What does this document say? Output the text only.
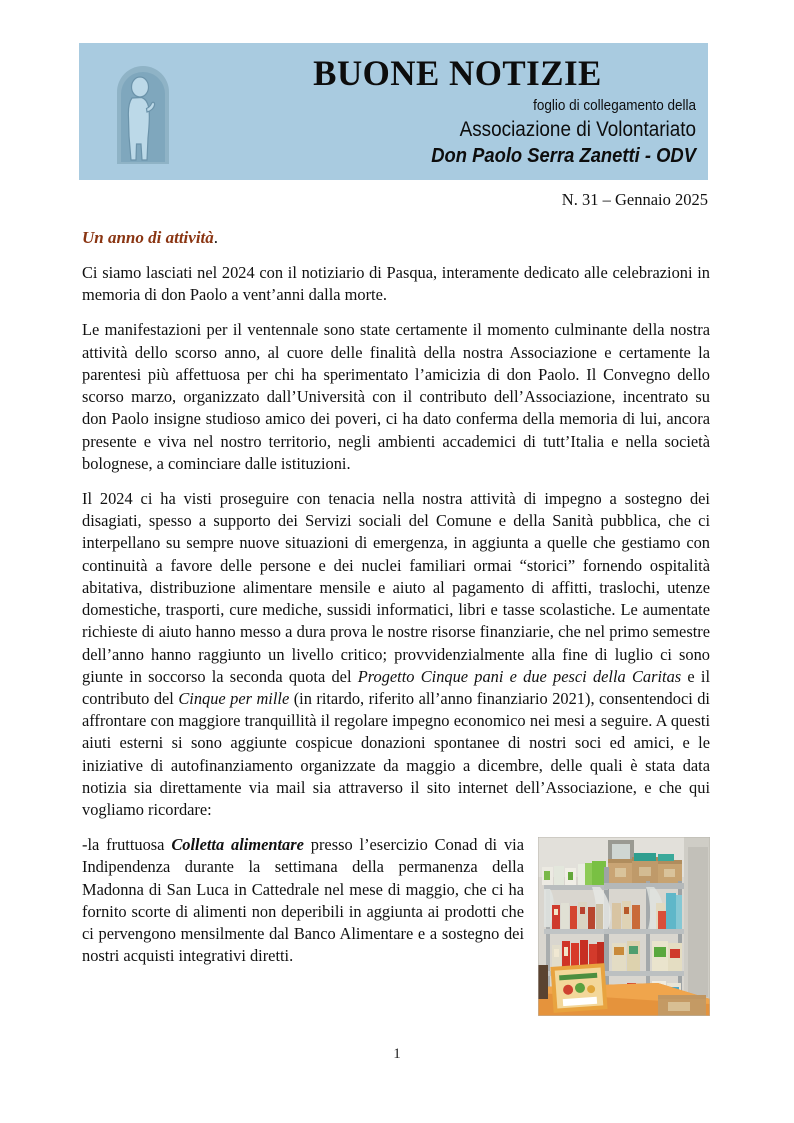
BUONE NOTIZIE
foglio di collegamento della
Associazione di Volontariato
Don Paolo Serra Zanetti - ODV
N. 31 – Gennaio 2025
Un anno di attività.

Ci siamo lasciati nel 2024 con il notiziario di Pasqua, interamente dedicato alle celebrazioni in memoria di don Paolo a vent’anni dalla morte.

Le manifestazioni per il ventennale sono state certamente il momento culminante della nostra attività dello scorso anno, al cuore delle finalità della nostra Associazione e certamente la parentesi più affettuosa per chi ha sperimentato l’amicizia di don Paolo. Il Convegno dello scorso marzo, organizzato dall’Università con il contributo dell’Associazione, incentrato su don Paolo insigne studioso amico dei poveri, ci ha dato conferma della memoria di lui, ancora presente e viva nel nostro territorio, negli ambienti accademici di tutt’Italia e nella società bolognese, a cominciare dalle istituzioni.

Il 2024 ci ha visti proseguire con tenacia nella nostra attività di impegno a sostegno dei disagiati, spesso a supporto dei Servizi sociali del Comune e della Sanità pubblica, che ci interpellano su sempre nuove situazioni di emergenza, in aggiunta a quelle che gestiamo con continuità a favore delle persone e dei nuclei familiari ormai “storici” fornendo ospitalità abitativa, distribuzione alimentare mensile e aiuto al pagamento di affitti, traslochi, utenze domestiche, trasporti, cure mediche, sussidi informatici, libri e tasse scolastiche. Le aumentate richieste di aiuto hanno messo a dura prova le nostre risorse finanziarie, che nel primo semestre dell’anno hanno raggiunto un livello critico; provvidenzialmente alla fine di luglio ci sono giunte in soccorso la seconda quota del Progetto Cinque pani e due pesci della Caritas e il contributo del Cinque per mille (in ritardo, riferito all’anno finanziario 2021), consentendoci di affrontare con maggiore tranquillità il regolare impegno economico nei mesi a seguire. A questi aiuti esterni si sono aggiunte cospicue donazioni spontanee di nostri soci ed amici, e le iniziative di autofinanziamento organizzate da maggio a dicembre, delle quali è stata data notizia sia direttamente via mail sia attraverso il sito internet dell’Associazione, e che qui vogliamo ricordare:

-la fruttuosa Colletta alimentare presso l’esercizio Conad di via Indipendenza durante la settimana della permanenza della Madonna di San Luca in Cattedrale nel mese di maggio, che ci ha fornito scorte di alimenti non deperibili in aggiunta ai prodotti che ci pervengono mensilmente dal Banco Alimentare e a sostegno dei nostri acquisti integrativi diretti.

1
